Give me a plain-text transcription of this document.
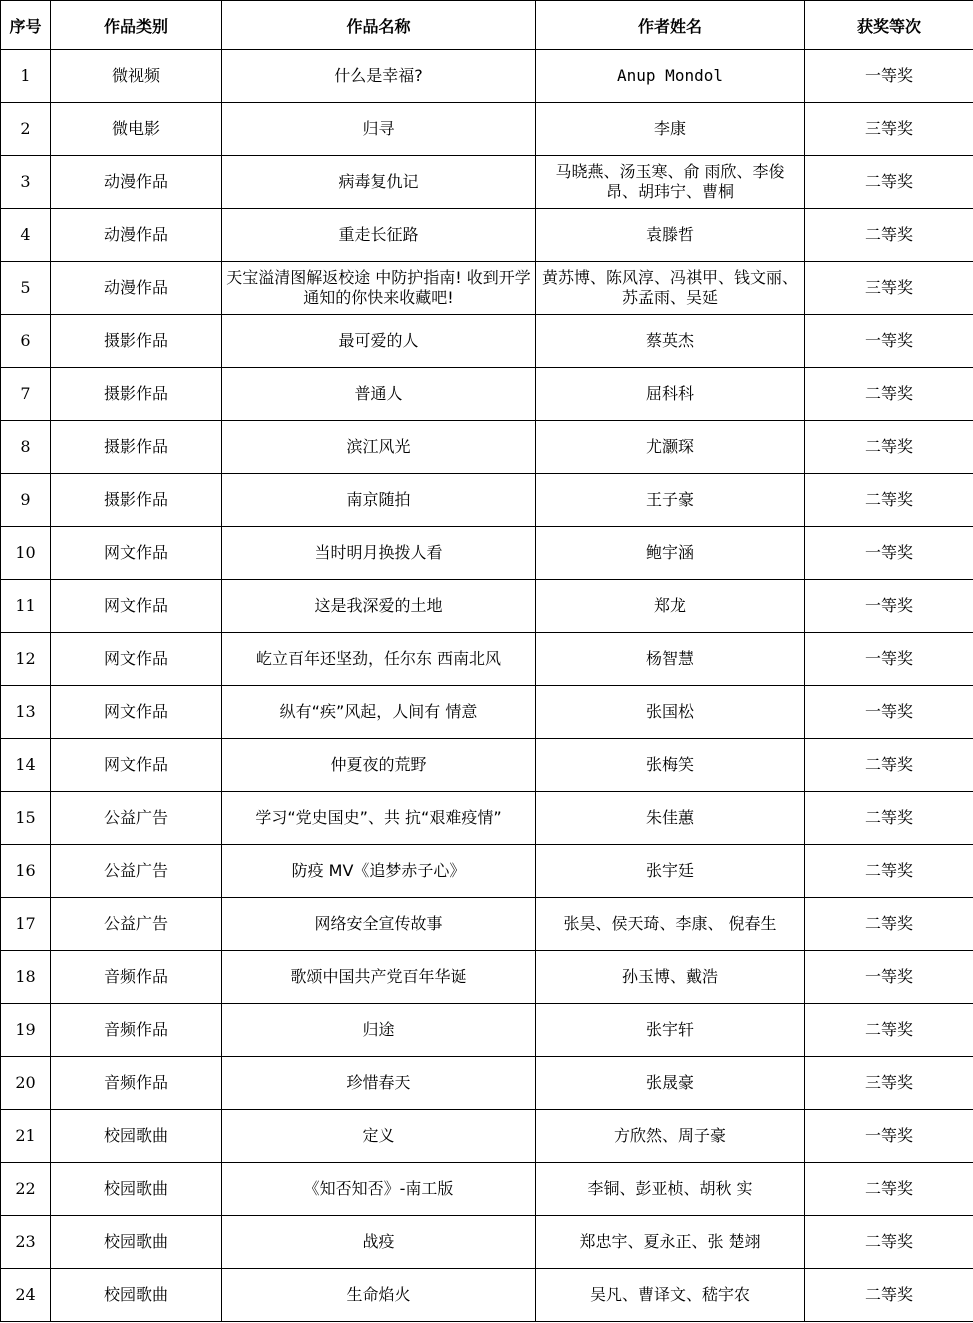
序号	作品类别	作品名称	作者姓名	获奖等次
1	微视频	什么是幸福?	Anup Mondol	一等奖
2	微电影	归寻	李康	三等奖
3	动漫作品	病毒复仇记	马晓燕、汤玉寒、俞 雨欣、李俊昂、胡玮宁、曹桐	二等奖
4	动漫作品	重走长征路	袁滕哲	二等奖
5	动漫作品	天宝溢清图解返校途 中防护指南! 收到开学 通知的你快来收藏吧!	黄苏博、陈风淳、冯祺甲、钱文丽、苏孟雨、吴延	三等奖
6	摄影作品	最可爱的人	蔡英杰	一等奖
7	摄影作品	普通人	屈科科	二等奖
8	摄影作品	滨江风光	尤灏琛	二等奖
9	摄影作品	南京随拍	王子豪	二等奖
10	网文作品	当时明月换拨人看	鲍宇涵	一等奖
11	网文作品	这是我深爱的土地	郑龙	一等奖
12	网文作品	屹立百年还坚劲，任尔东 西南北风	杨智慧	一等奖
13	网文作品	纵有“疾”风起，人间有 情意	张国松	一等奖
14	网文作品	仲夏夜的荒野	张梅笑	二等奖
15	公益广告	学习“党史国史”、共 抗“艰难疫情”	朱佳蕙	二等奖
16	公益广告	防疫 MV《追梦赤子心》	张宇廷	二等奖
17	公益广告	网络安全宣传故事	张昊、侯天琦、李康、 倪春生	二等奖
18	音频作品	歌颂中国共产党百年华诞	孙玉博、戴浩	一等奖
19	音频作品	归途	张宇轩	二等奖
20	音频作品	珍惜春天	张晟豪	三等奖
21	校园歌曲	定义	方欣然、周子豪	一等奖
22	校园歌曲	《知否知否》-南工版	李铜、彭亚桢、胡秋 实	二等奖
23	校园歌曲	战疫	郑忠宇、夏永正、张 楚翊	二等奖
24	校园歌曲	生命焰火	吴凡、曹译文、嵇宇农	二等奖
